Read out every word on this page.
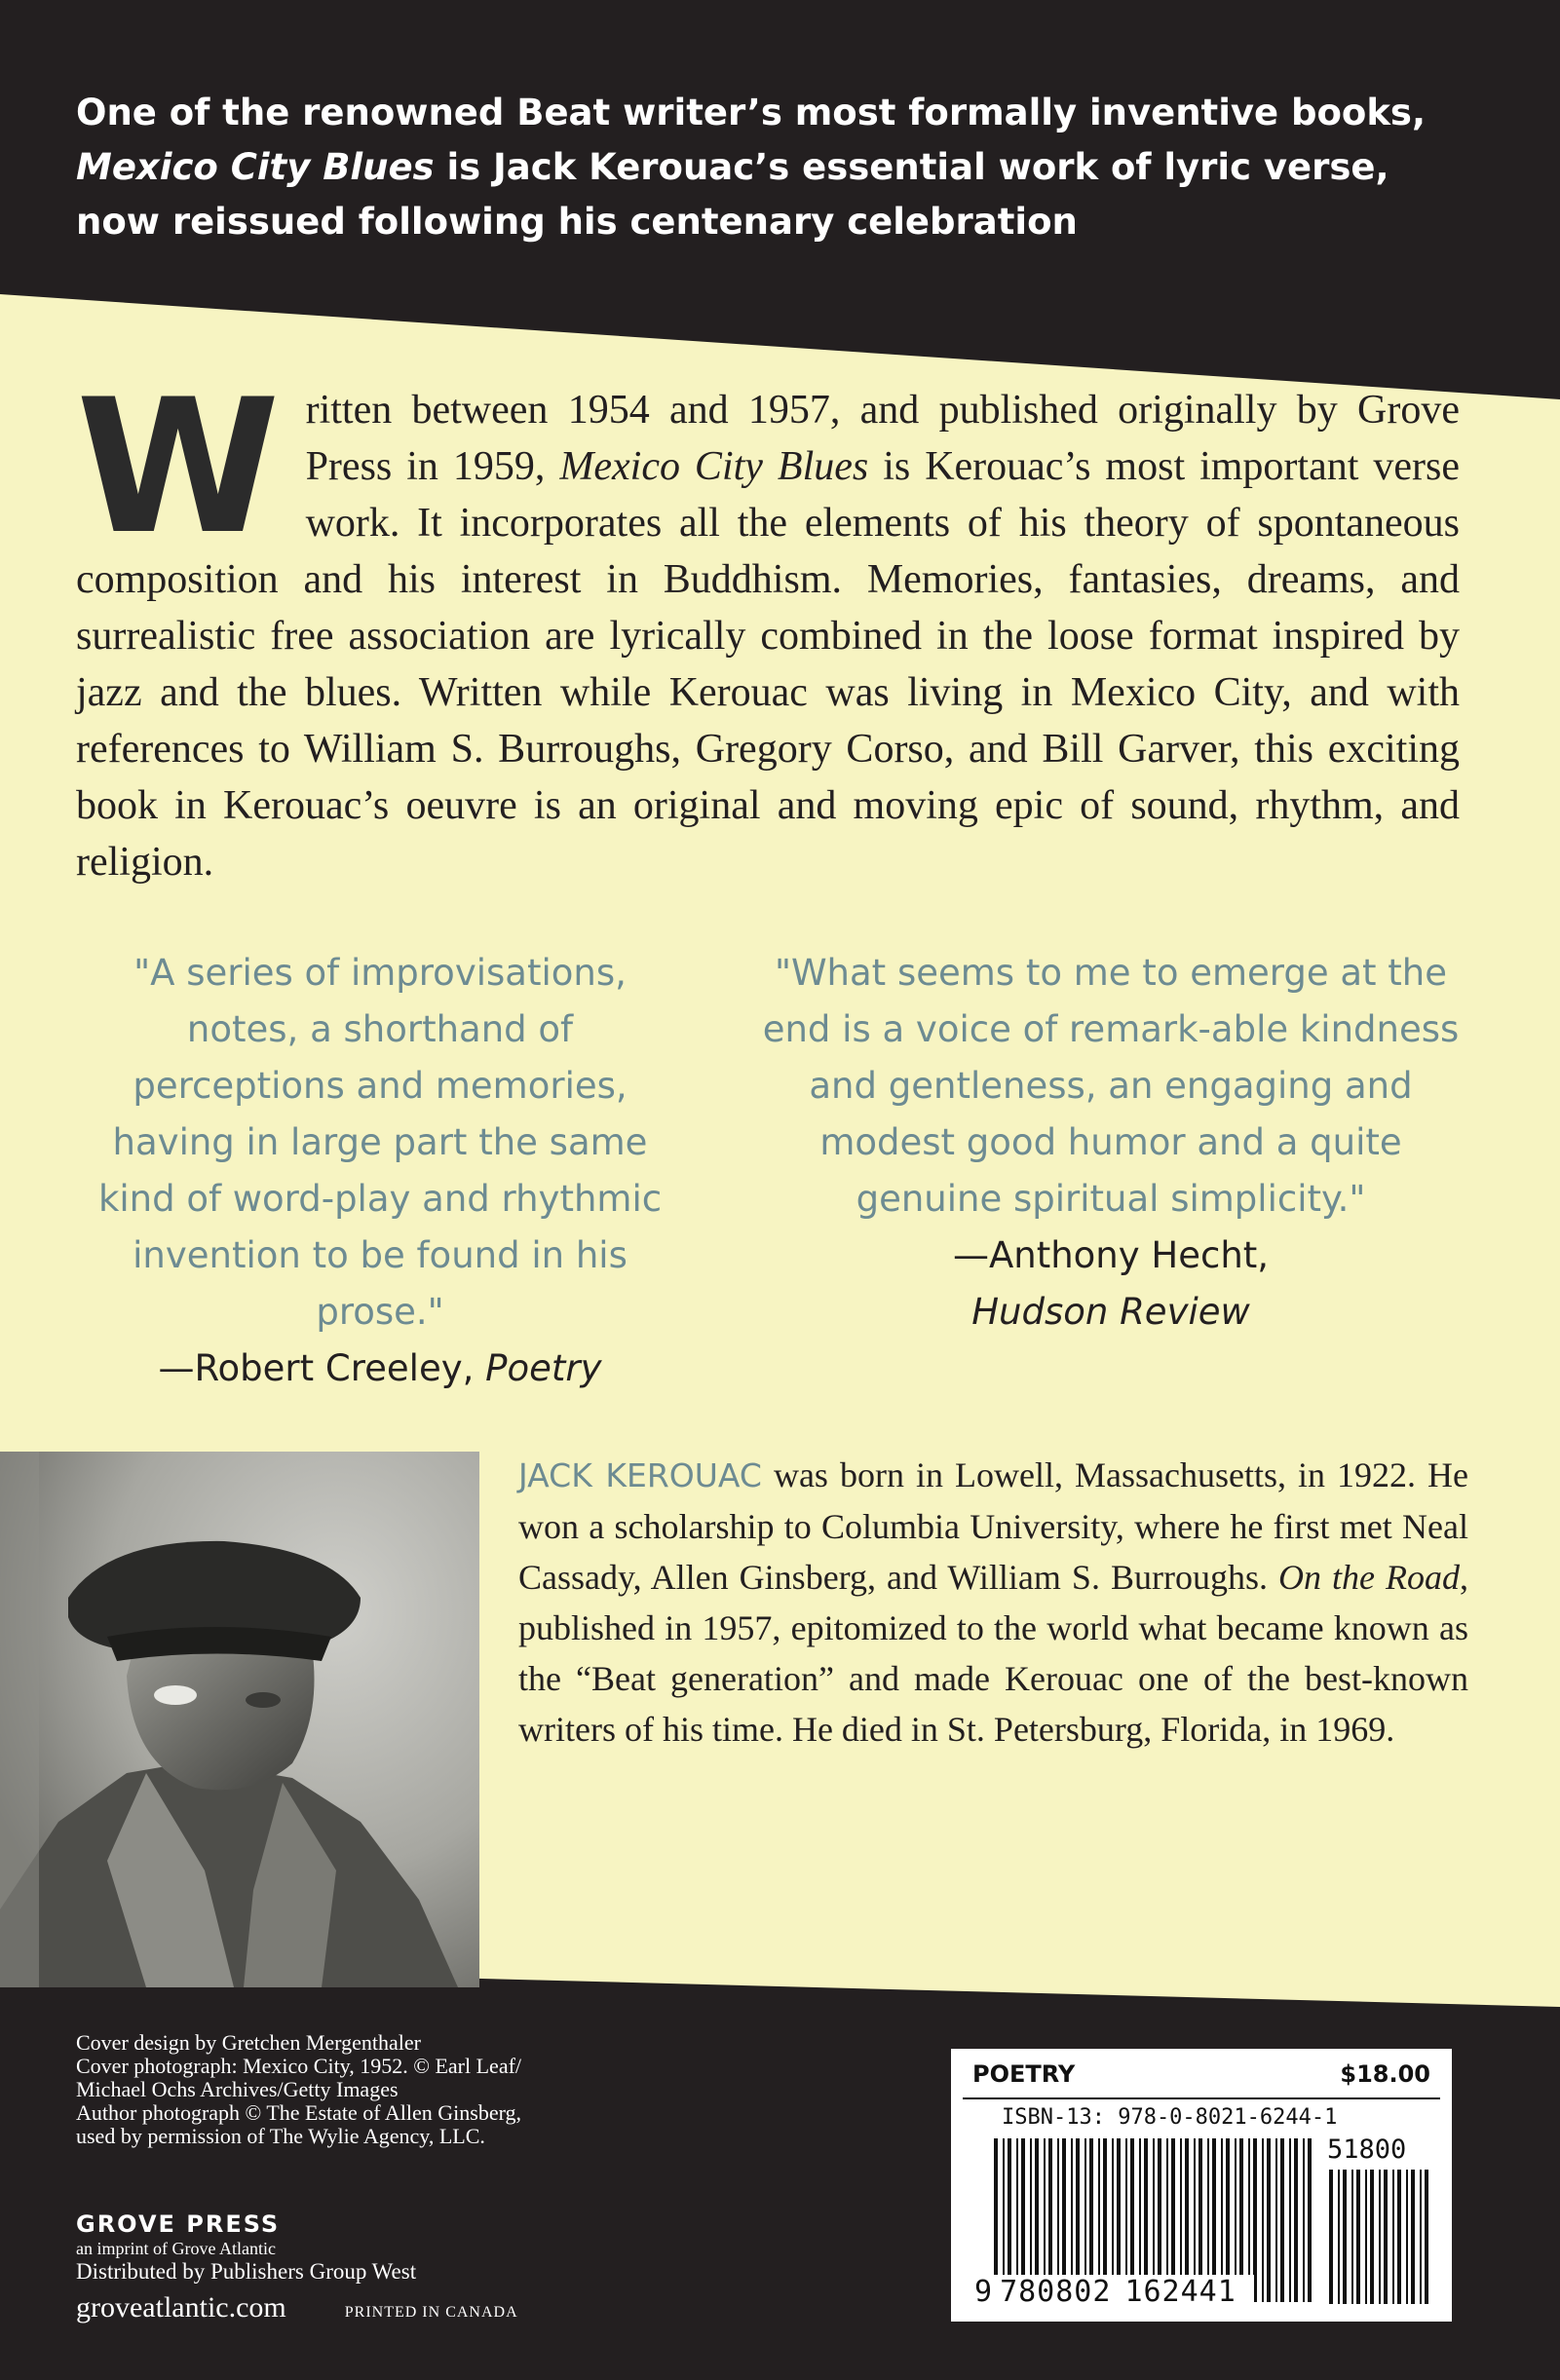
One of the renowned Beat writer’s most formally inventive books,
Mexico City Blues is Jack Kerouac’s essential work of lyric verse,
now reissued following his centenary celebration
Written between 1954 and 1957, and published originally by Grove Press in 1959, Mexico City Blues is Kerouac’s most important verse work. It incorporates all the elements of his theory of spontaneous composition and his interest in Buddhism. Memories, fantasies, dreams, and surrealistic free association are lyrically combined in the loose format inspired by jazz and the blues. Written while Kerouac was living in Mexico City, and with references to William S. Burroughs, Gregory Corso, and Bill Garver, this exciting book in Kerouac’s oeuvre is an original and moving epic of sound, rhythm, and religion.
"A series of improvisations, notes, a shorthand of perceptions and memories, having in large part the same kind of word-play and rhythmic invention to be found in his prose."
—Robert Creeley, Poetry
"What seems to me to emerge at the end is a voice of remark-able kindness and gentleness, an engaging and modest good humor and a quite genuine spiritual simplicity."
—Anthony Hecht,
Hudson Review
JACK KEROUAC was born in Lowell, Massachusetts, in 1922. He won a scholarship to Columbia University, where he first met Neal Cassady, Allen Ginsberg, and William S. Burroughs. On the Road, published in 1957, epitomized to the world what became known as the “Beat generation” and made Kerouac one of the best-known writers of his time. He died in St. Petersburg, Florida, in 1969.
Cover design by Gretchen Mergenthaler
Cover photograph: Mexico City, 1952. © Earl Leaf/
Michael Ochs Archives/Getty Images
Author photograph © The Estate of Allen Ginsberg,
used by permission of The Wylie Agency, LLC.
GROVE PRESS
an imprint of Grove Atlantic
Distributed by Publishers Group West
groveatlantic.com	PRINTED IN CANADA
POETRY	$18.00
ISBN-13: 978-0-8021-6244-1
51800
9 780802 162441
